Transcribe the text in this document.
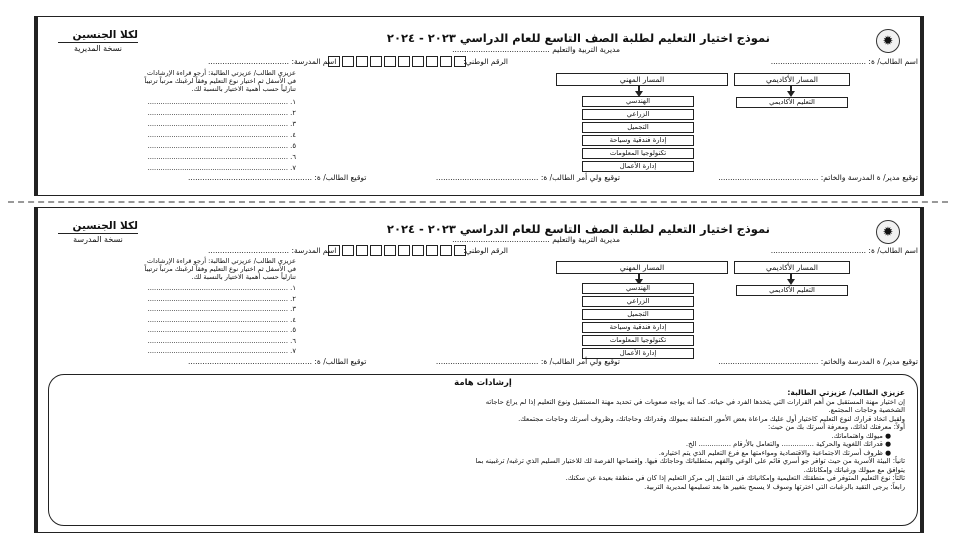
✹
نموذج اختيار التعليم لطلبة الصف التاسع للعام الدراسي ٢٠٢٣ - ٢٠٢٤
لكلا الجنسين
نسخة المديرية	مديرية التربية والتعليم .........................................
اسم الطالب/ ة: ........................................
الرقم الوطني:
اسم المدرسة: ..................................
عزيزي الطالب/ عزيزتي الطالبة: أرجو قراءة الإرشادات
في الأسفل ثم اختيار نوع التعليم وفقاً لرغبتك مرتباً ترتيباً
تنازلياً حسب أهمية الاختيار بالنسبة لك.
١. .................................................................
٢. .................................................................
٣. .................................................................
٤. .................................................................
٥. .................................................................
٦. .................................................................
٧. .................................................................
المسار الأكاديمي
التعليم الأكاديمي
المسار المهني
الهندسي
الزراعي
التجميل
إدارة فندقية وسياحة
تكنولوجيا المعلومات
إدارة الأعمال
توقيع مدير/ ة المدرسة والخاتم: ..........................................
توقيع ولي أمر الطالب/ ة: ...........................................
توقيع الطالب/ ة: ....................................................
✹
نموذج اختيار التعليم لطلبة الصف التاسع للعام الدراسي ٢٠٢٣ - ٢٠٢٤
لكلا الجنسين
نسخة المدرسة	مديرية التربية والتعليم .........................................
اسم الطالب/ ة: ........................................
الرقم الوطني:
اسم المدرسة: ..................................
عزيزي الطالب/ عزيزتي الطالبة: أرجو قراءة الإرشادات
في الأسفل ثم اختيار نوع التعليم وفقاً لرغبتك مرتباً ترتيباً
تنازلياً حسب أهمية الاختيار بالنسبة لك.
١. .................................................................
٢. .................................................................
٣. .................................................................
٤. .................................................................
٥. .................................................................
٦. .................................................................
٧. .................................................................
المسار الأكاديمي
التعليم الأكاديمي
المسار المهني
الهندسي
الزراعي
التجميل
إدارة فندقية وسياحة
تكنولوجيا المعلومات
إدارة الأعمال
توقيع مدير/ ة المدرسة والخاتم: ..........................................
توقيع ولي أمر الطالب/ ة: ...........................................
توقيع الطالب/ ة: ....................................................
إرشادات هامة
عزيزي الطالب/ عزيزتي الطالبة:
إن اختيار مهنة المستقبل من أهم القرارات التي يتخذها الفرد في حياته. كما أنه يواجه صعوبات في تحديد مهنة المستقبل ونوع التعليم إذا لم يراع حاجاته
الشخصية وحاجات المجتمع.
ولقبل اتخاذ قرارك لنوع التعليم كاختيار أول عليك مراعاة بعض الأمور المتعلقة بميولك وقدراتك وحاجاتك، وظروف أسرتك وحاجات مجتمعك.
أولاً: معرفتك لذاتك، ومعرفة أسرتك بك من حيث:
● ميولك واهتماماتك.
● قدراتك اللغوية والحركية ............... والتعامل بالأرقام ............... الخ.
● ظروف أسرتك الاجتماعية والاقتصادية ومواءمتها مع فرع التعليم الذي يتم اختياره.
ثانياً: البيئة الأسرية من حيث توافر جو أسري قائم على الوعي والفهم بمتطلباتك وحاجاتك فيها. وإفساحها الفرصة لك للاختيار السليم الذي ترغبه/ ترغبينه بما
يتوافق مع ميولك ورغباتك وإمكاناتك.
ثالثاً: نوع التعليم المتوفر في منطقتك التعليمية وإمكانياتك في التنقل إلى مركز التعليم إذا كان في منطقة بعيدة عن سكنك.
رابعاً: يرجى التقيد بالرغبات التي اخترتها وسوف لا يسمح بتغيير ها بعد تسليمها لمديرية التربية.
